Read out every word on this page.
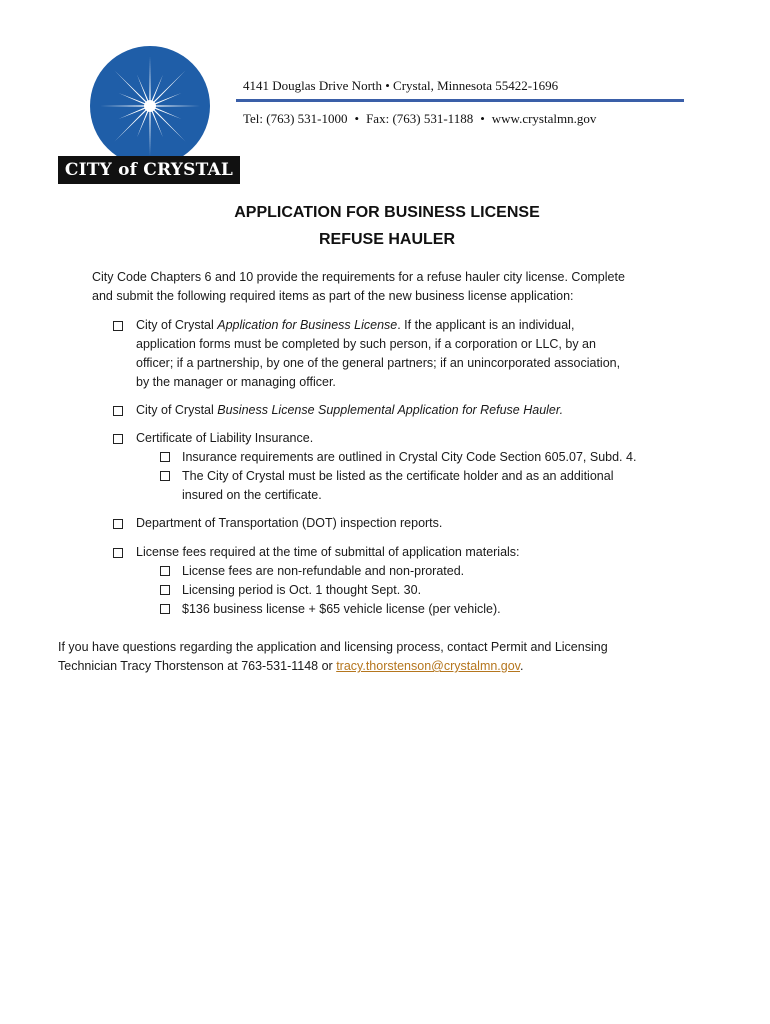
CITY of CRYSTAL
4141 Douglas Drive North • Crystal, Minnesota 55422-1696
Tel: (763) 531-1000 • Fax: (763) 531-1188 • www.crystalmn.gov
APPLICATION FOR BUSINESS LICENSE
REFUSE HAULER
City Code Chapters 6 and 10 provide the requirements for a refuse hauler city license. Complete
and submit the following required items as part of the new business license application:
City of Crystal Application for Business License. If the applicant is an individual,
application forms must be completed by such person, if a corporation or LLC, by an
officer; if a partnership, by one of the general partners; if an unincorporated association,
by the manager or managing officer.
City of Crystal Business License Supplemental Application for Refuse Hauler.
Certificate of Liability Insurance.
Insurance requirements are outlined in Crystal City Code Section 605.07, Subd. 4.
The City of Crystal must be listed as the certificate holder and as an additional
insured on the certificate.
Department of Transportation (DOT) inspection reports.
License fees required at the time of submittal of application materials:
License fees are non-refundable and non-prorated.
Licensing period is Oct. 1 thought Sept. 30.
$136 business license + $65 vehicle license (per vehicle).
If you have questions regarding the application and licensing process, contact Permit and Licensing
Technician Tracy Thorstenson at 763-531-1148 or tracy.thorstenson@crystalmn.gov.
